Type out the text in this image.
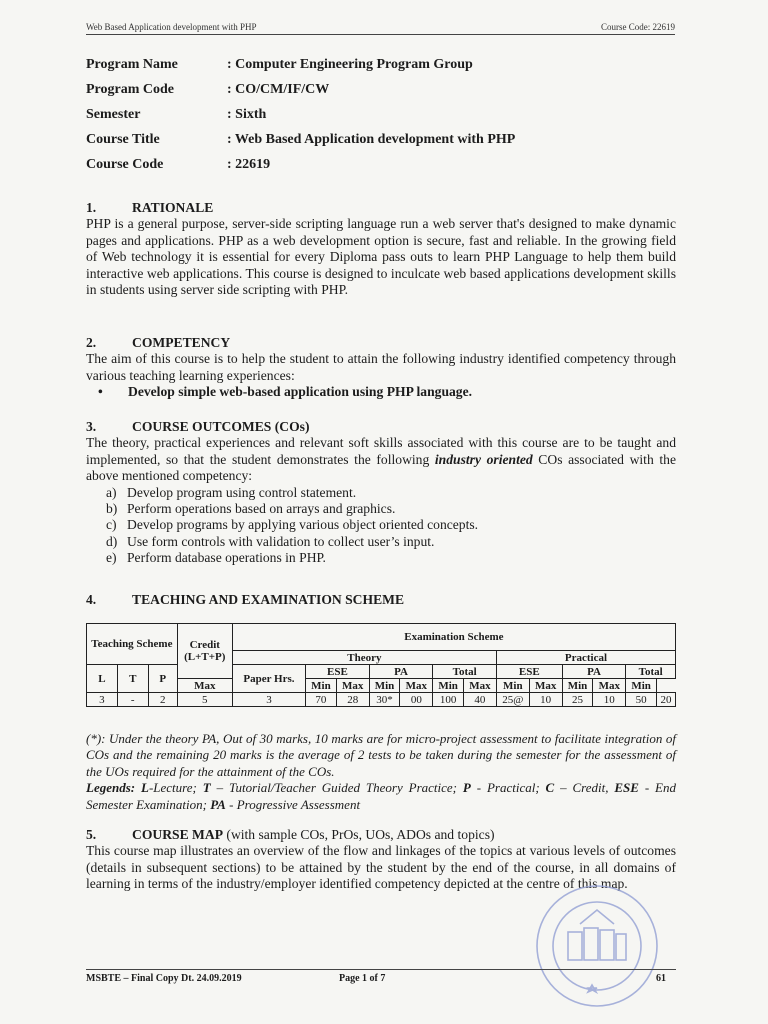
Web Based Application development with PHP	Course Code: 22619
Program Name	: Computer Engineering Program Group
Program Code	: CO/CM/IF/CW
Semester	: Sixth
Course Title	: Web Based Application development with PHP
Course Code	: 22619
1.	RATIONALE

PHP is a general purpose, server-side scripting language run a web server that's designed to make dynamic pages and applications. PHP as a web development option is secure, fast and reliable. In the growing field of Web technology it is essential for every Diploma pass outs to learn PHP Language to help them build interactive web applications. This course is designed to inculcate web based applications development skills in students using server side scripting with PHP.

2.	COMPETENCY

The aim of this course is to help the student to attain the following industry identified competency through various teaching learning experiences:

•	Develop simple web-based application using PHP language.
3.	COURSE OUTCOMES (COs)

The theory, practical experiences and relevant soft skills associated with this course are to be taught and implemented, so that the student demonstrates the following industry oriented COs associated with the above mentioned competency:

a) Develop program using control statement.
b) Perform operations based on arrays and graphics.
c) Develop programs by applying various object oriented concepts.
d) Use form controls with validation to collect user’s input.
e) Perform database operations in PHP.
4.	TEACHING AND EXAMINATION SCHEME
Teaching Scheme			Credit (L+T+P)	Examination Scheme												
				Theory							Practical					
L	T	P		Paper Hrs.	ESE		PA		Total		ESE		PA		Total	
			Max		Min	Max	Min	Max	Min	Max	Min	Max	Min	Max	Min	
3	-	2	5	3	70	28	30*	00	100	40	25@	10	25	10	50	20

(*): Under the theory PA, Out of 30 marks, 10 marks are for micro-project assessment to facilitate integration of COs and the remaining 20 marks is the average of 2 tests to be taken during the semester for the assessment of the UOs required for the attainment of the COs.

Legends: L-Lecture; T – Tutorial/Teacher Guided Theory Practice; P - Practical; C – Credit, ESE - End Semester Examination; PA - Progressive Assessment

5.	COURSE MAP (with sample COs, PrOs, UOs, ADOs and topics)

This course map illustrates an overview of the flow and linkages of the topics at various levels of outcomes (details in subsequent sections) to be attained by the student by the end of the course, in all domains of learning in terms of the industry/employer identified competency depicted at the centre of this map.

MSBTE – Final Copy Dt. 24.09.2019	Page 1 of 7	61
